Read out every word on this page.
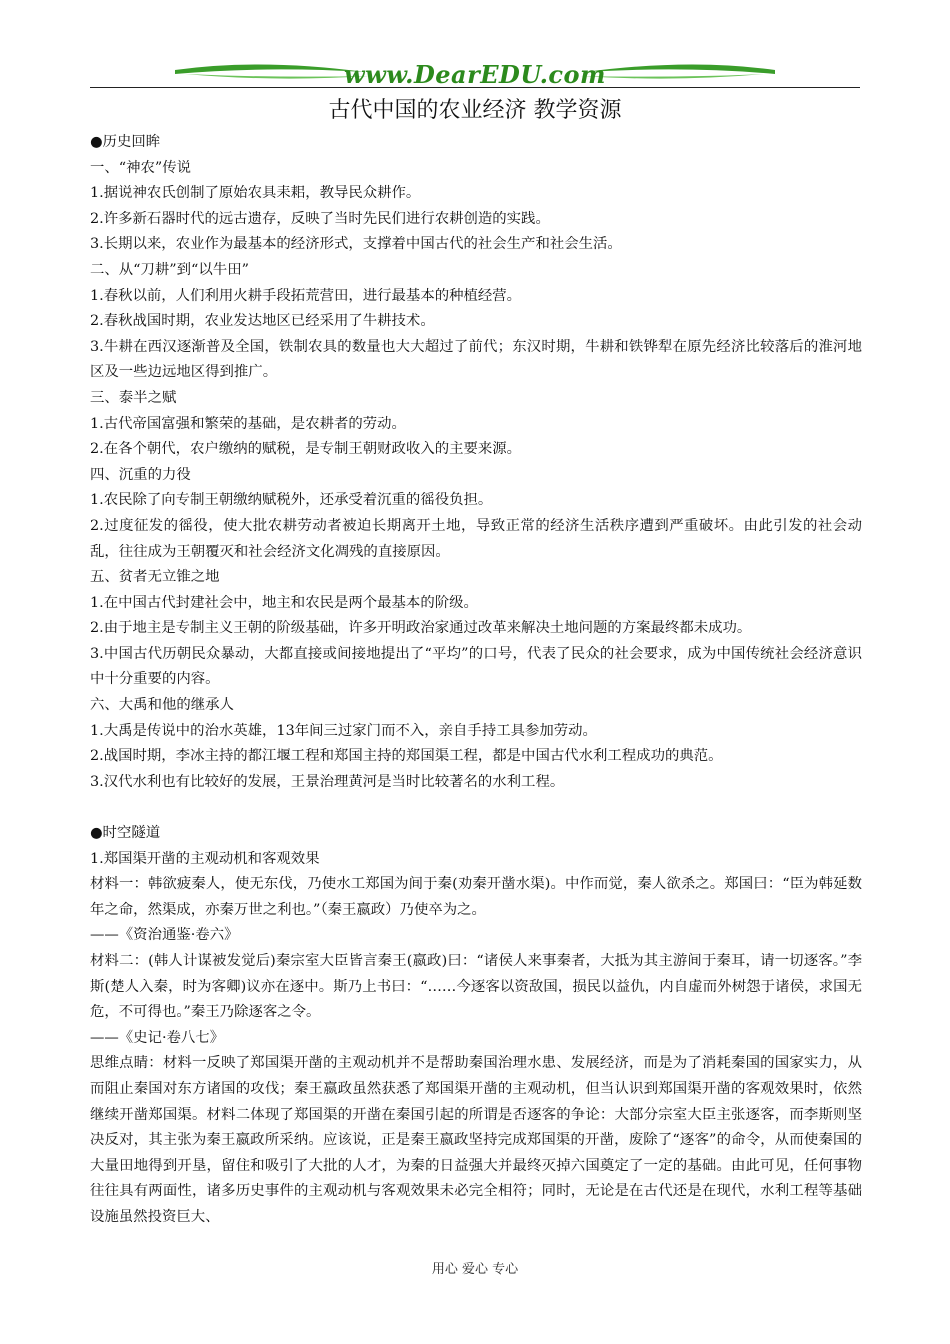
www.DearEDU.com
古代中国的农业经济 教学资源
●历史回眸
一、“神农”传说
1.据说神农氏创制了原始农具耒耜，教导民众耕作。
2.许多新石器时代的远古遗存，反映了当时先民们进行农耕创造的实践。
3.长期以来，农业作为最基本的经济形式，支撑着中国古代的社会生产和社会生活。
二、从“刀耕”到“以牛田”
1.春秋以前，人们利用火耕手段拓荒营田，进行最基本的种植经营。
2.春秋战国时期，农业发达地区已经采用了牛耕技术。
3.牛耕在西汉逐渐普及全国，铁制农具的数量也大大超过了前代；东汉时期，牛耕和铁铧犁在原先经济比较落后的淮河地区及一些边远地区得到推广。
三、泰半之赋
1.古代帝国富强和繁荣的基础，是农耕者的劳动。
2.在各个朝代，农户缴纳的赋税，是专制王朝财政收入的主要来源。
四、沉重的力役
1.农民除了向专制王朝缴纳赋税外，还承受着沉重的徭役负担。
2.过度征发的徭役，使大批农耕劳动者被迫长期离开土地，导致正常的经济生活秩序遭到严重破坏。由此引发的社会动乱，往往成为王朝覆灭和社会经济文化凋残的直接原因。
五、贫者无立锥之地
1.在中国古代封建社会中，地主和农民是两个最基本的阶级。
2.由于地主是专制主义王朝的阶级基础，许多开明政治家通过改革来解决土地问题的方案最终都未成功。
3.中国古代历朝民众暴动，大都直接或间接地提出了“平均”的口号，代表了民众的社会要求，成为中国传统社会经济意识中十分重要的内容。
六、大禹和他的继承人
1.大禹是传说中的治水英雄，13年间三过家门而不入，亲自手持工具参加劳动。
2.战国时期，李冰主持的都江堰工程和郑国主持的郑国渠工程，都是中国古代水利工程成功的典范。
3.汉代水利也有比较好的发展，王景治理黄河是当时比较著名的水利工程。
●时空隧道
1.郑国渠开凿的主观动机和客观效果
材料一：韩欲疲秦人，使无东伐，乃使水工郑国为间于秦(劝秦开凿水渠)。中作而觉，秦人欲杀之。郑国曰：“臣为韩延数年之命，然渠成，亦秦万世之利也。”（秦王嬴政）乃使卒为之。
——《资治通鉴·卷六》
材料二：(韩人计谋被发觉后)秦宗室大臣皆言秦王(嬴政)曰：“诸侯人来事秦者，大抵为其主游间于秦耳，请一切逐客。”李斯(楚人入秦，时为客卿)议亦在逐中。斯乃上书曰：“……今逐客以资敌国，损民以益仇，内自虚而外树怨于诸侯，求国无危，不可得也。”秦王乃除逐客之令。
——《史记·卷八七》
思维点睛：材料一反映了郑国渠开凿的主观动机并不是帮助秦国治理水患、发展经济，而是为了消耗秦国的国家实力，从而阻止秦国对东方诸国的攻伐；秦王嬴政虽然获悉了郑国渠开凿的主观动机，但当认识到郑国渠开凿的客观效果时，依然继续开凿郑国渠。材料二体现了郑国渠的开凿在秦国引起的所谓是否逐客的争论：大部分宗室大臣主张逐客，而李斯则坚决反对，其主张为秦王嬴政所采纳。应该说，正是秦王嬴政坚持完成郑国渠的开凿，废除了“逐客”的命令，从而使秦国的大量田地得到开垦，留住和吸引了大批的人才，为秦的日益强大并最终灭掉六国奠定了一定的基础。由此可见，任何事物往往具有两面性，诸多历史事件的主观动机与客观效果未必完全相符；同时，无论是在古代还是在现代，水利工程等基础设施虽然投资巨大、
用心 爱心 专心
